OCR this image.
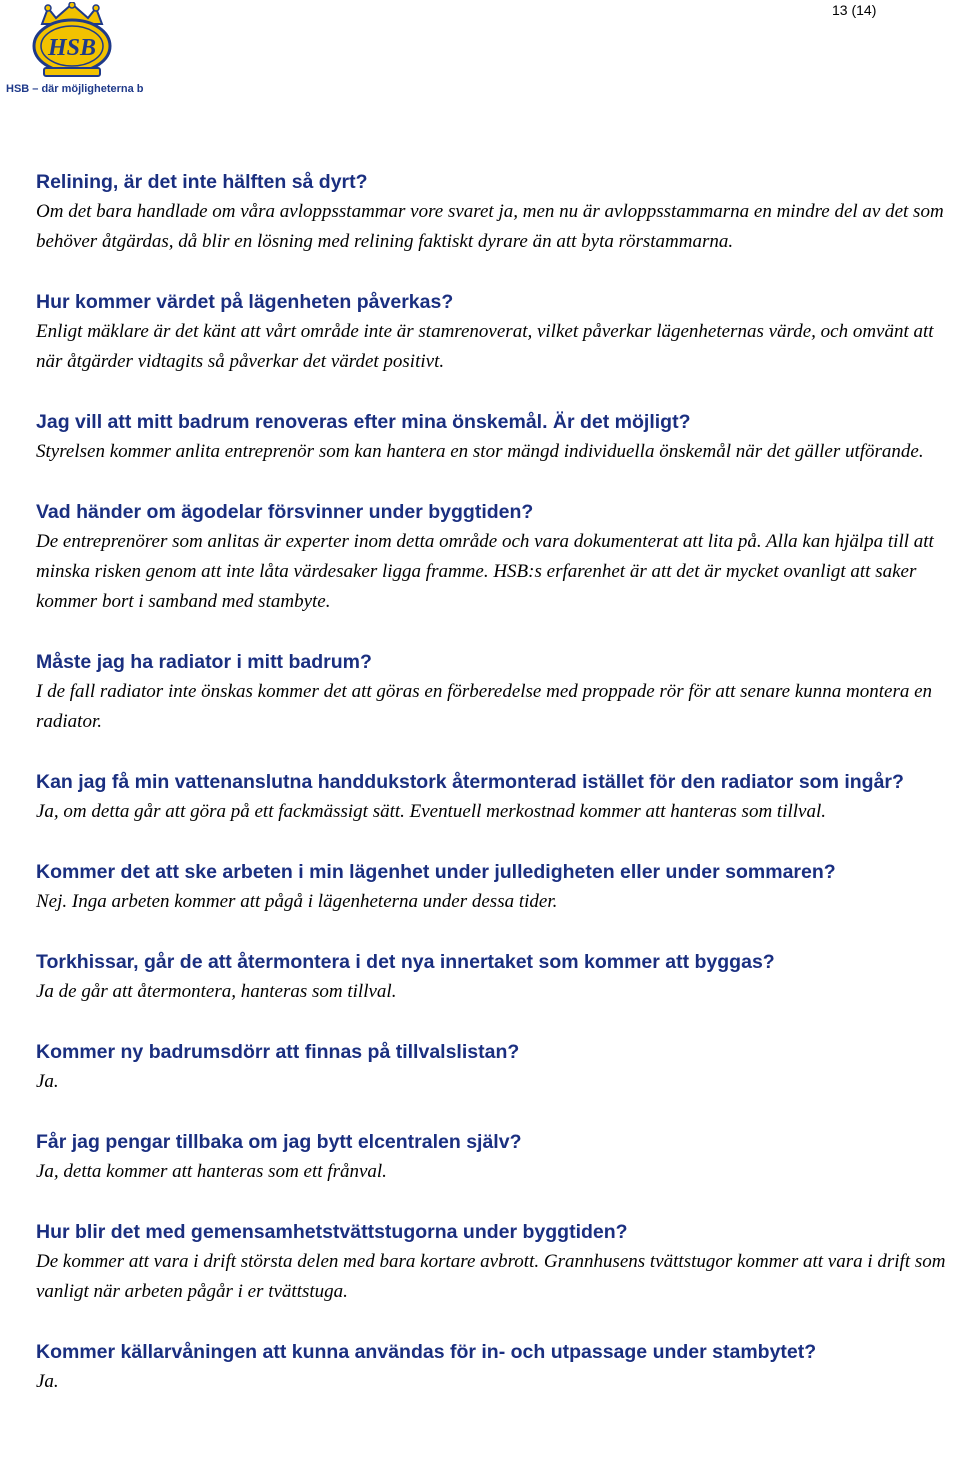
HSB
HSB – där möjligheterna bor
13 (14)

Relining, är det inte hälften så dyrt?

Om det bara handlade om våra avloppsstammar vore svaret ja, men nu är avloppsstammarna en mindre del av det som behöver åtgärdas, då blir en lösning med relining faktiskt dyrare än att byta rörstammarna.

Hur kommer värdet på lägenheten påverkas?

Enligt mäklare är det känt att vårt område inte är stamrenoverat, vilket påverkar lägenheternas värde, och omvänt att när åtgärder vidtagits så påverkar det värdet positivt.

Jag vill att mitt badrum renoveras efter mina önskemål. Är det möjligt?

Styrelsen kommer anlita entreprenör som kan hantera en stor mängd individuella önskemål när det gäller utförande.

Vad händer om ägodelar försvinner under byggtiden?

De entreprenörer som anlitas är experter inom detta område och vara dokumenterat att lita på. Alla kan hjälpa till att minska risken genom att inte låta värdesaker ligga framme. HSB:s erfarenhet är att det är mycket ovanligt att saker kommer bort i samband med stambyte.

Måste jag ha radiator i mitt badrum?

I de fall radiator inte önskas kommer det att göras en förberedelse med proppade rör för att senare kunna montera en radiator.

Kan jag få min vattenanslutna handdukstork återmonterad istället för den radiator som ingår?

Ja, om detta går att göra på ett fackmässigt sätt. Eventuell merkostnad kommer att hanteras som tillval.

Kommer det att ske arbeten i min lägenhet under julledigheten eller under sommaren?

Nej. Inga arbeten kommer att pågå i lägenheterna under dessa tider.

Torkhissar, går de att återmontera i det nya innertaket som kommer att byggas?

Ja de går att återmontera, hanteras som tillval.

Kommer ny badrumsdörr att finnas på tillvalslistan?

Ja.

Får jag pengar tillbaka om jag bytt elcentralen själv?

Ja, detta kommer att hanteras som ett frånval.

Hur blir det med gemensamhetstvättstugorna under byggtiden?

De kommer att vara i drift största delen med bara kortare avbrott. Grannhusens tvättstugor kommer att vara i drift som vanligt när arbeten pågår i er tvättstuga.

Kommer källarvåningen att kunna användas för in- och utpassage under stambytet?

Ja.
